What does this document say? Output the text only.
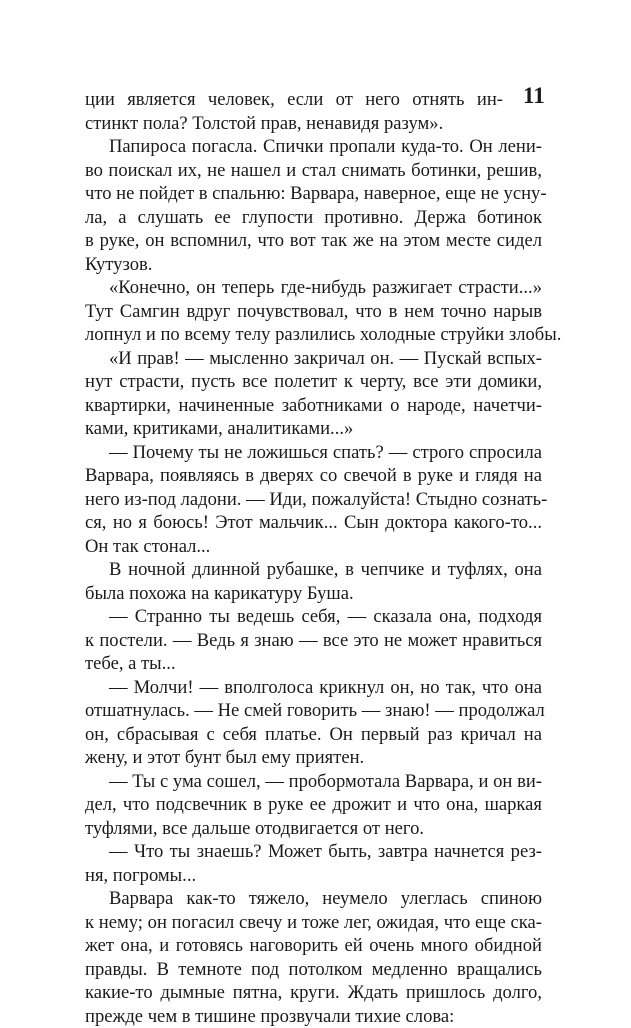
11
ции является человек, если от него отнять ин-
стинкт пола? Толстой прав, ненавидя разум».
Папироса погасла. Спички пропали куда-то. Он лени-
во поискал их, не нашел и стал снимать ботинки, решив,
что не пойдет в спальню: Варвара, наверное, еще не усну-
ла, а слушать ее глупости противно. Держа ботинок
в руке, он вспомнил, что вот так же на этом месте сидел
Кутузов.
«Конечно, он теперь где-нибудь разжигает страсти...»
Тут Самгин вдруг почувствовал, что в нем точно нарыв
лопнул и по всему телу разлились холодные струйки злобы.
«И прав! — мысленно закричал он. — Пускай вспых-
нут страсти, пусть все полетит к черту, все эти домики,
квартирки, начиненные заботниками о народе, начетчи-
ками, критиками, аналитиками...»
— Почему ты не ложишься спать? — строго спросила
Варвара, появляясь в дверях со свечой в руке и глядя на
него из-под ладони. — Иди, пожалуйста! Стыдно сознать-
ся, но я боюсь! Этот мальчик... Сын доктора какого-то...
Он так стонал...
В ночной длинной рубашке, в чепчике и туфлях, она
была похожа на карикатуру Буша.
— Странно ты ведешь себя, — сказала она, подходя
к постели. — Ведь я знаю — все это не может нравиться
тебе, а ты...
— Молчи! — вполголоса крикнул он, но так, что она
отшатнулась. — Не смей говорить — знаю! — продолжал
он, сбрасывая с себя платье. Он первый раз кричал на
жену, и этот бунт был ему приятен.
— Ты с ума сошел, — пробормотала Варвара, и он ви-
дел, что подсвечник в руке ее дрожит и что она, шаркая
туфлями, все дальше отодвигается от него.
— Что ты знаешь? Может быть, завтра начнется рез-
ня, погромы...
Варвара как-то тяжело, неумело улеглась спиною
к нему; он погасил свечу и тоже лег, ожидая, что еще ска-
жет она, и готовясь наговорить ей очень много обидной
правды. В темноте под потолком медленно вращались
какие-то дымные пятна, круги. Ждать пришлось долго,
прежде чем в тишине прозвучали тихие слова:
